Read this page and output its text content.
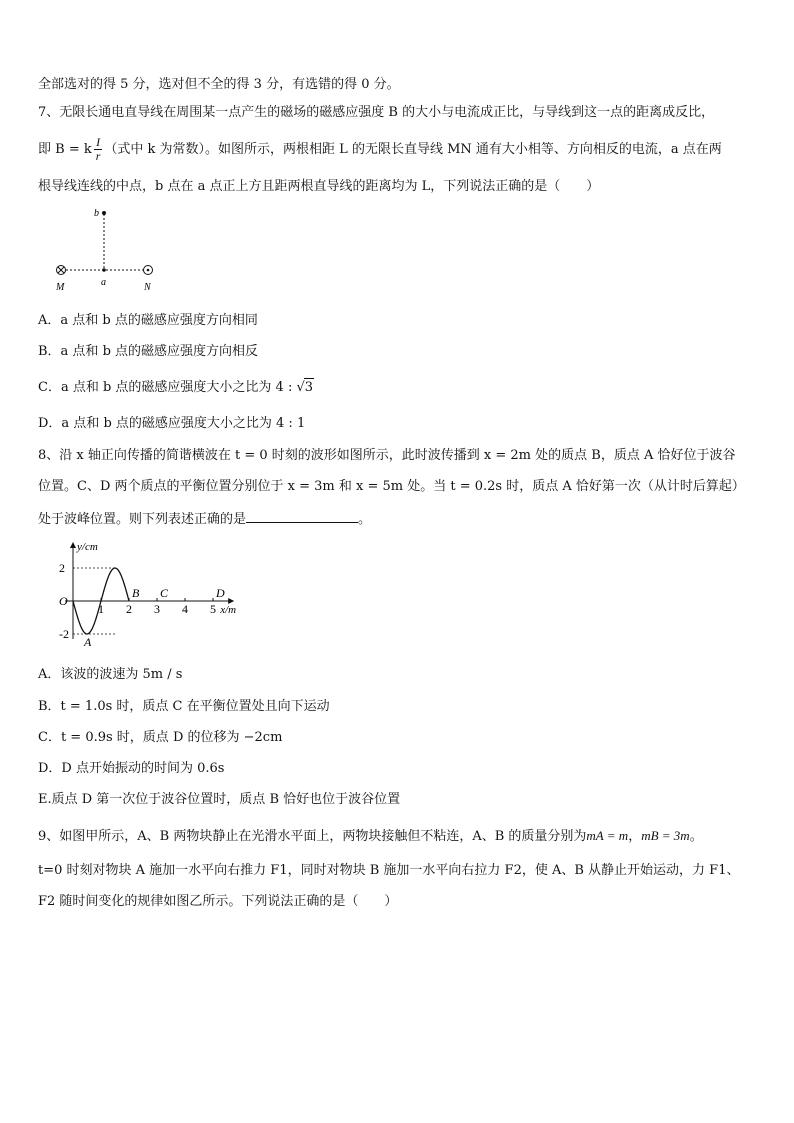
全部选对的得 5 分，选对但不全的得 3 分，有选错的得 0 分。
7、无限长通电直导线在周围某一点产生的磁场的磁感应强度 B 的大小与电流成正比，与导线到这一点的距离成反比，
即 B = k $\frac{I}{r}$ （式中 k 为常数）。如图所示，两根相距 L 的无限长直导线 MN 通有大小相等、方向相反的电流，a 点在两
根导线连线的中点，b 点在 a 点正上方且距两根直导线的距离均为 L，下列说法正确的是（　　）
b
a
M	N
A．a 点和 b 点的磁感应强度方向相同
B．a 点和 b 点的磁感应强度方向相反
C．a 点和 b 点的磁感应强度大小之比为 4 : √3
D．a 点和 b 点的磁感应强度大小之比为 4 : 1
8、沿 x 轴正向传播的简谐横波在 t = 0 时刻的波形如图所示，此时波传播到 x = 2m 处的质点 B，质点 A 恰好位于波谷
位置。C、D 两个质点的平衡位置分别位于 x = 3m 和 x = 5m 处。当 t = 0.2s 时，质点 A 恰好第一次（从计时后算起）
处于波峰位置。则下列表述正确的是	。
y/cm
x/m
O
2
-2
1 2 3 4 5
A
B C	D
A．该波的波速为 5m / s
B．t = 1.0s 时，质点 C 在平衡位置处且向下运动
C．t = 0.9s 时，质点 D 的位移为 −2cm
D．D 点开始振动的时间为 0.6s
E.质点 D 第一次位于波谷位置时，质点 B 恰好也位于波谷位置
9、如图甲所示，A、B 两物块静止在光滑水平面上，两物块接触但不粘连，A、B 的质量分别为mA = m，mB = 3m。
t=0 时刻对物块 A 施加一水平向右推力 F1，同时对物块 B 施加一水平向右拉力 F2，使 A、B 从静止开始运动，力 F1、
F2 随时间变化的规律如图乙所示。下列说法正确的是（　　）
